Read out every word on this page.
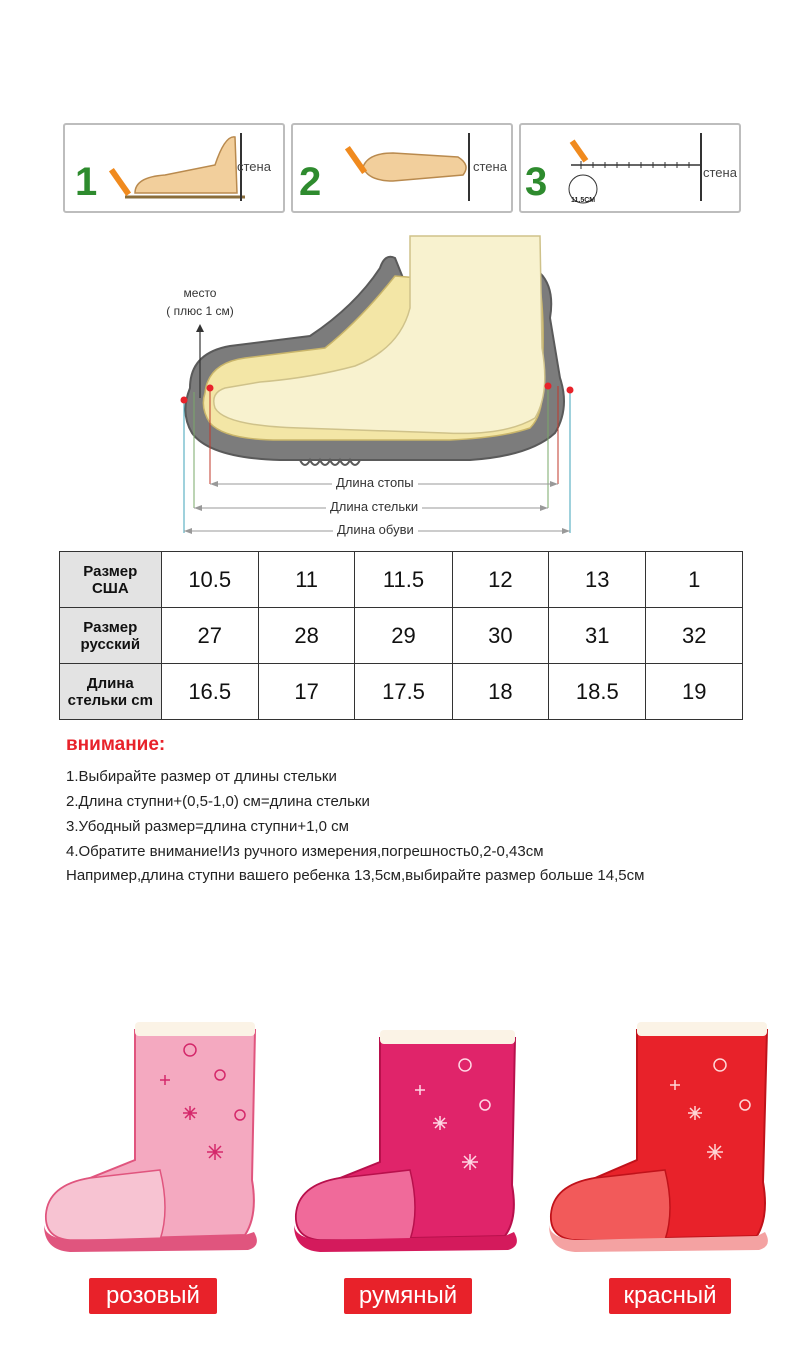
1	стена 2	стена 3	11.5CM
стена
место
( плюс 1 см)
Длина стопы
Длина стельки
Длина обуви
Размер
США	10.5	11	11.5	12	13	1

Размер
русский	27	28	29	30	31	32

Длина
стельки cm	16.5	17	17.5	18	18.5	19
внимание:
1.Выбирайте размер от длины стельки
2.Длина ступни+(0,5-1,0) см=длина стельки
3.Убодный размер=длина ступни+1,0 см
4.Обратите внимание!Из ручного измерения,погрешность0,2-0,43см
Например,длина ступни вашего ребенка 13,5см,выбирайте размер больше 14,5см
розовый	румяный	красный
